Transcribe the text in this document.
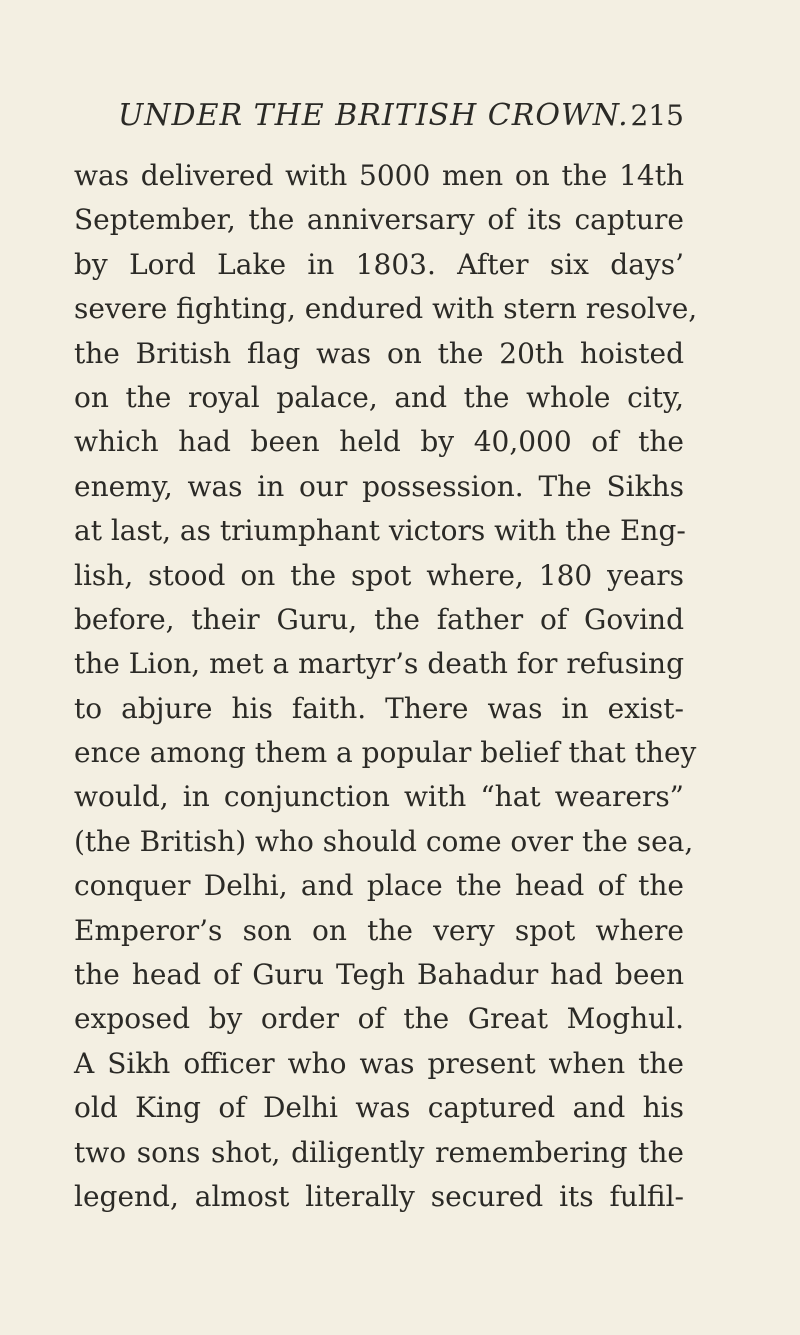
UNDER THE BRITISH CROWN. 215
was delivered with 5000 men on the 14th
September, the anniversary of its capture
by Lord Lake in 1803. After six days’
severe fighting, endured with stern resolve,
the British flag was on the 20th hoisted
on the royal palace, and the whole city,
which had been held by 40,000 of the
enemy, was in our possession. The Sikhs
at last, as triumphant victors with the Eng-
lish, stood on the spot where, 180 years
before, their Guru, the father of Govind
the Lion, met a martyr’s death for refusing
to abjure his faith. There was in exist-
ence among them a popular belief that they
would, in conjunction with “hat wearers”
(the British) who should come over the sea,
conquer Delhi, and place the head of the
Emperor’s son on the very spot where
the head of Guru Tegh Bahadur had been
exposed by order of the Great Moghul.
A Sikh officer who was present when the
old King of Delhi was captured and his
two sons shot, diligently remembering the
legend, almost literally secured its fulfil-
